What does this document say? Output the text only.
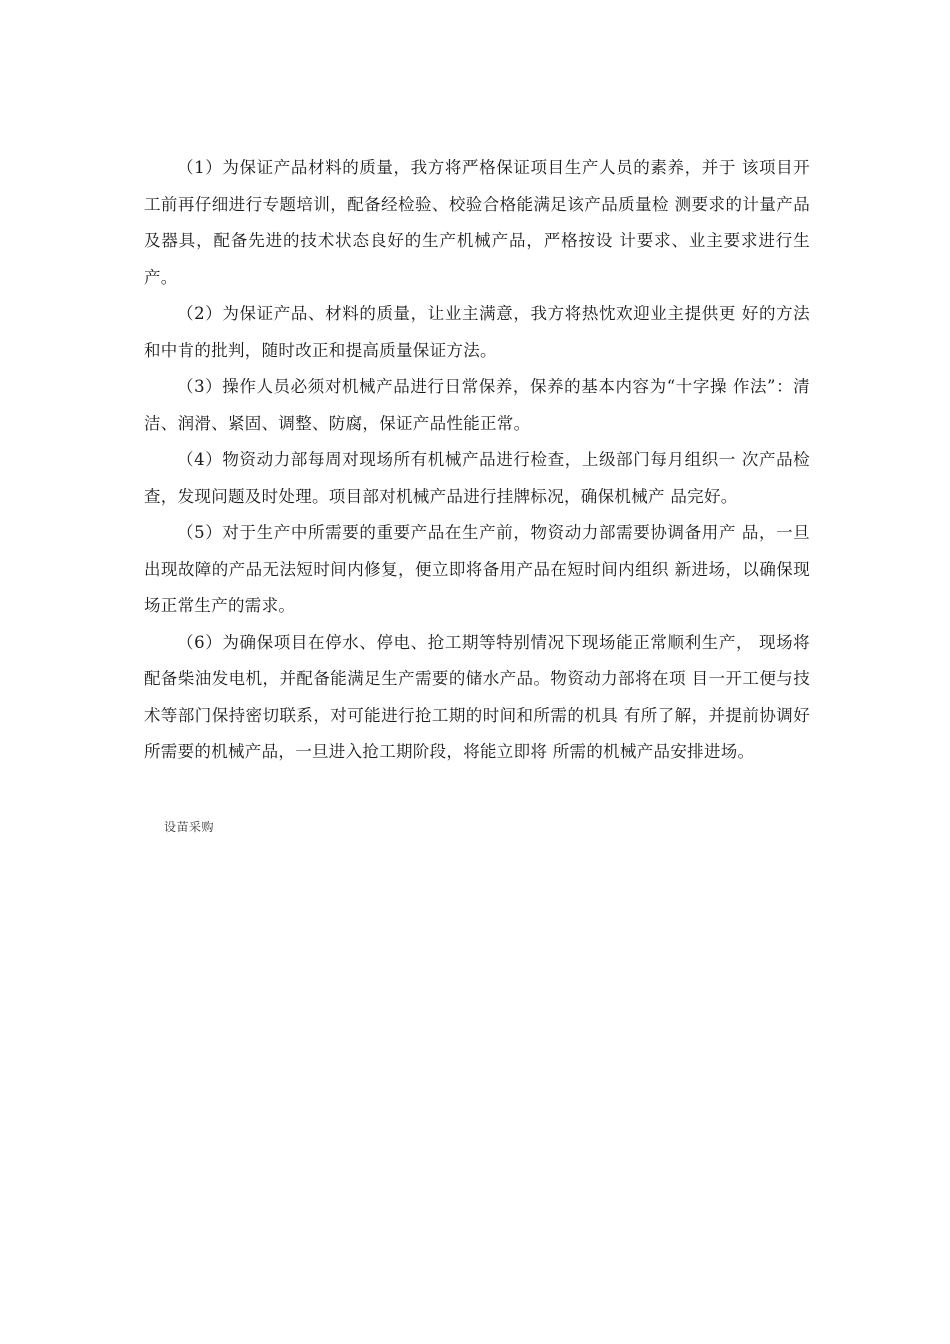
（1）为保证产品材料的质量，我方将严格保证项目生产人员的素养，并于 该项目开工前再仔细进行专题培训，配备经检验、校验合格能满足该产品质量检 测要求的计量产品及器具，配备先进的技术状态良好的生产机械产品，严格按设 计要求、业主要求进行生产。

（2）为保证产品、材料的质量，让业主满意，我方将热忱欢迎业主提供更 好的方法和中肯的批判，随时改正和提高质量保证方法。

（3）操作人员必须对机械产品进行日常保养，保养的基本内容为“十字操 作法”：清洁、润滑、紧固、调整、防腐，保证产品性能正常。

（4）物资动力部每周对现场所有机械产品进行检查，上级部门每月组织一 次产品检查，发现问题及时处理。项目部对机械产品进行挂牌标况，确保机械产 品完好。

（5）对于生产中所需要的重要产品在生产前，物资动力部需要协调备用产 品，一旦出现故障的产品无法短时间内修复，便立即将备用产品在短时间内组织 新进场，以确保现场正常生产的需求。

（6）为确保项目在停水、停电、抢工期等特别情况下现场能正常顺利生产， 现场将配备柴油发电机，并配备能满足生产需要的储水产品。物资动力部将在项 目一开工便与技术等部门保持密切联系，对可能进行抢工期的时间和所需的机具 有所了解，并提前协调好所需要的机械产品，一旦进入抢工期阶段，将能立即将 所需的机械产品安排进场。

设苗采购
